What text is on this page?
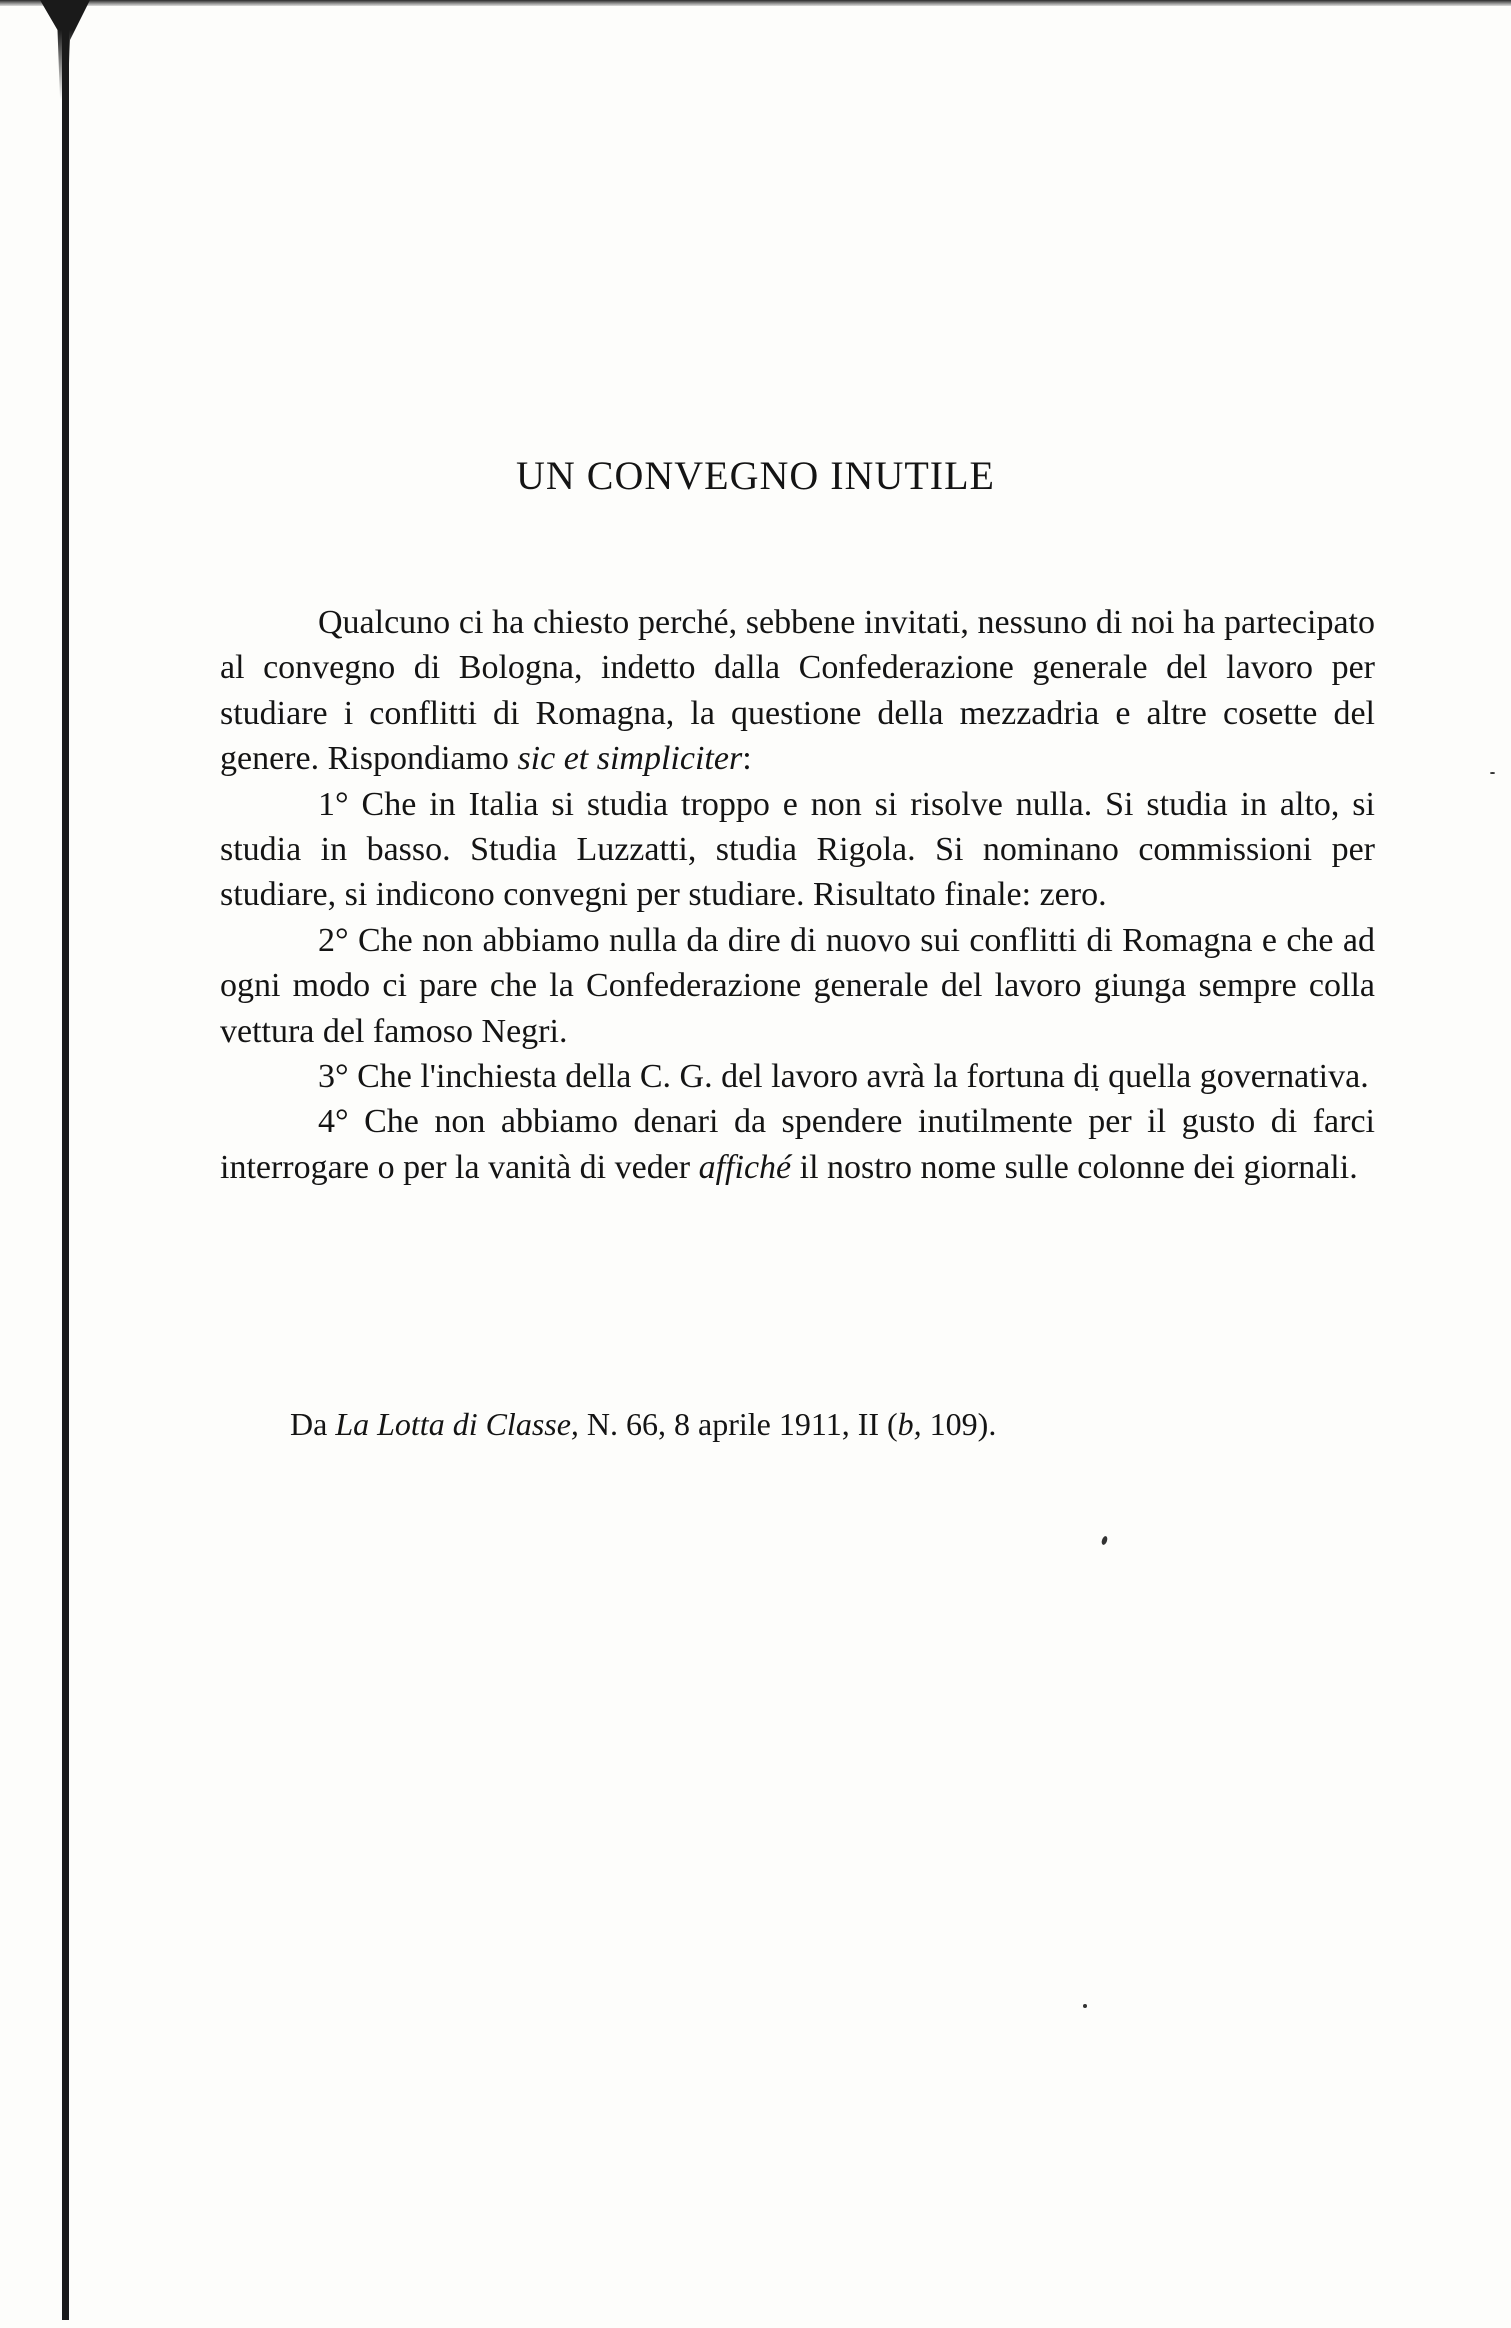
UN CONVEGNO INUTILE

Qualcuno ci ha chiesto perché, sebbene invitati, nessuno di noi ha partecipato al convegno di Bologna, indetto dalla Confederazione generale del lavoro per studiare i conflitti di Romagna, la questione della mezzadria e altre cosette del genere. Rispondiamo sic et simpliciter:

1° Che in Italia si studia troppo e non si risolve nulla. Si studia in alto, si studia in basso. Studia Luzzatti, studia Rigola. Si nominano commissioni per studiare, si indicono convegni per studiare. Risultato finale: zero.

2° Che non abbiamo nulla da dire di nuovo sui conflitti di Romagna e che ad ogni modo ci pare che la Confederazione generale del lavoro giunga sempre colla vettura del famoso Negri.

3° Che l'inchiesta della C. G. del lavoro avrà la fortuna di quella governativa.

4° Che non abbiamo denari da spendere inutilmente per il gusto di farci interrogare o per la vanità di veder affiché il nostro nome sulle colonne dei giornali.

Da La Lotta di Classe, N. 66, 8 aprile 1911, II (b, 109).
